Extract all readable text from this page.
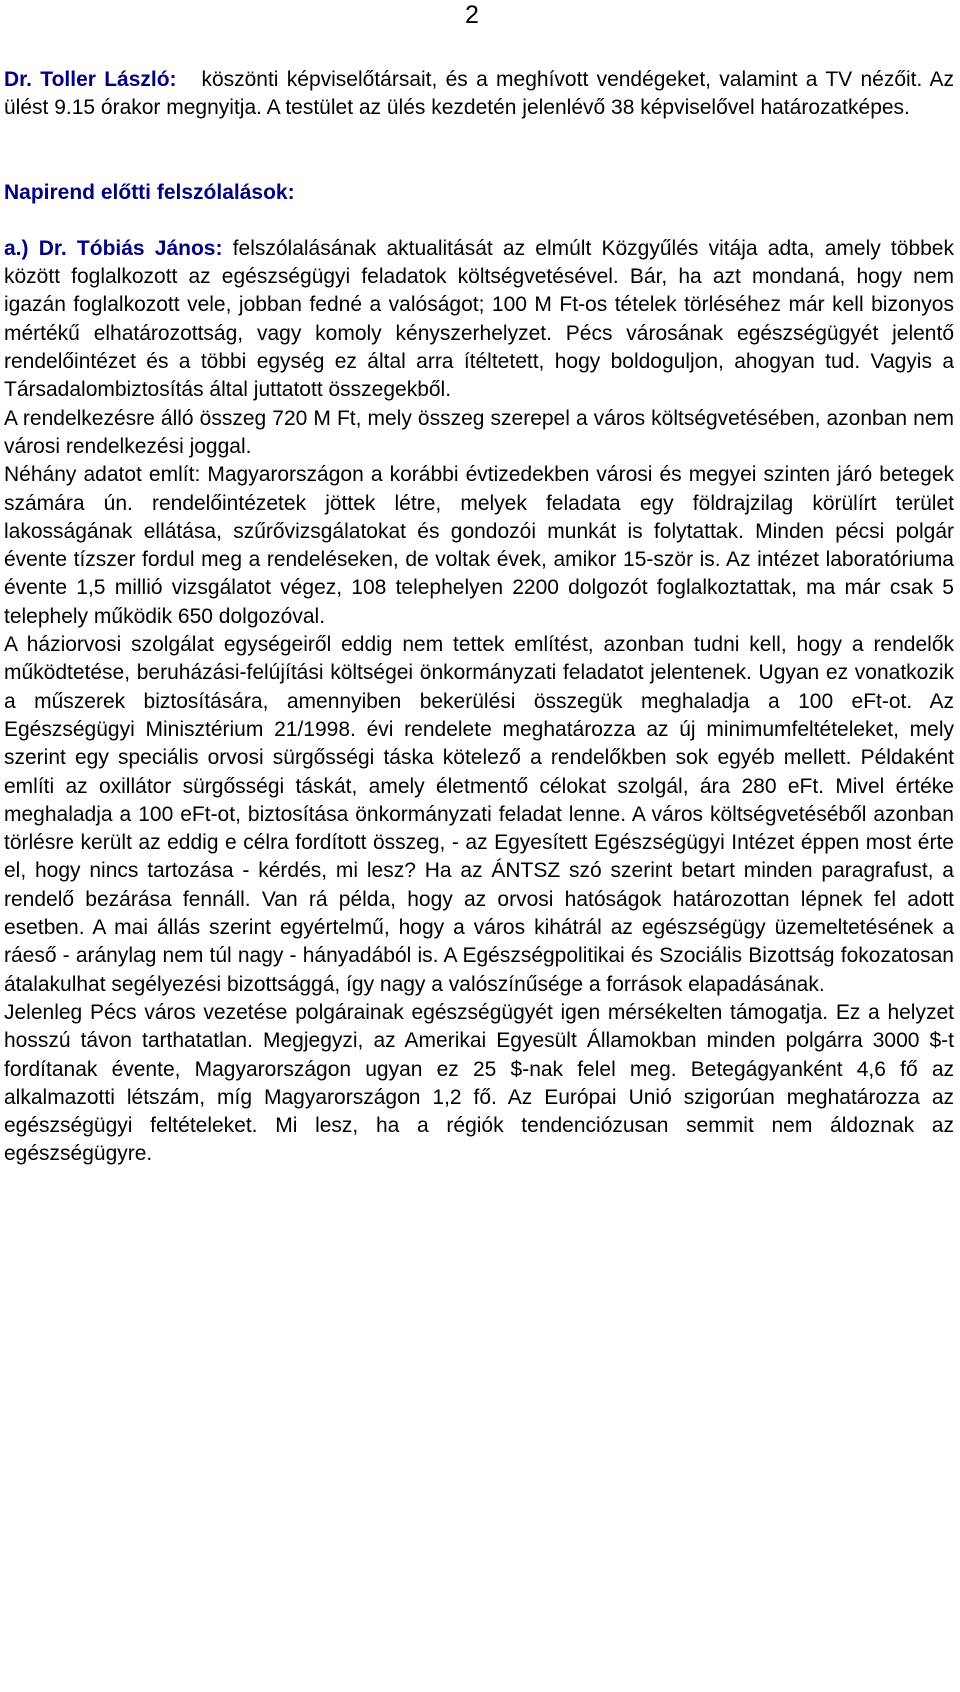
2

Dr. Toller László: köszönti képviselőtársait, és a meghívott vendégeket, valamint a TV nézőit. Az ülést 9.15 órakor megnyitja. A testület az ülés kezdetén jelenlévő 38 képviselővel határozatképes.

Napirend előtti felszólalások:

a.) Dr. Tóbiás János: felszólalásának aktualitását az elmúlt Közgyűlés vitája adta, amely többek között foglalkozott az egészségügyi feladatok költségvetésével. Bár, ha azt mondaná, hogy nem igazán foglalkozott vele, jobban fedné a valóságot; 100 M Ft-os tételek törléséhez már kell bizonyos mértékű elhatározottság, vagy komoly kényszerhelyzet. Pécs városának egészségügyét jelentő rendelőintézet és a többi egység ez által arra ítéltetett, hogy boldoguljon, ahogyan tud. Vagyis a Társadalombiztosítás által juttatott összegekből.

A rendelkezésre álló összeg 720 M Ft, mely összeg szerepel a város költségvetésében, azonban nem városi rendelkezési joggal.

Néhány adatot említ: Magyarországon a korábbi évtizedekben városi és megyei szinten járó betegek számára ún. rendelőintézetek jöttek létre, melyek feladata egy földrajzilag körülírt terület lakosságának ellátása, szűrővizsgálatokat és gondozói munkát is folytattak. Minden pécsi polgár évente tízszer fordul meg a rendeléseken, de voltak évek, amikor 15-ször is. Az intézet laboratóriuma évente 1,5 millió vizsgálatot végez, 108 telephelyen 2200 dolgozót foglalkoztattak, ma már csak 5 telephely működik 650 dolgozóval.

A háziorvosi szolgálat egységeiről eddig nem tettek említést, azonban tudni kell, hogy a rendelők működtetése, beruházási-felújítási költségei önkormányzati feladatot jelentenek. Ugyan ez vonatkozik a műszerek biztosítására, amennyiben bekerülési összegük meghaladja a 100 eFt-ot. Az Egészségügyi Minisztérium 21/1998. évi rendelete meghatározza az új minimumfeltételeket, mely szerint egy speciális orvosi sürgősségi táska kötelező a rendelőkben sok egyéb mellett. Példaként említi az oxillátor sürgősségi táskát, amely életmentő célokat szolgál, ára 280 eFt. Mivel értéke meghaladja a 100 eFt-ot, biztosítása önkormányzati feladat lenne. A város költségvetéséből azonban törlésre került az eddig e célra fordított összeg, - az Egyesített Egészségügyi Intézet éppen most érte el, hogy nincs tartozása - kérdés, mi lesz? Ha az ÁNTSZ szó szerint betart minden paragrafust, a rendelő bezárása fennáll. Van rá példa, hogy az orvosi hatóságok határozottan lépnek fel adott esetben. A mai állás szerint egyértelmű, hogy a város kihátrál az egészségügy üzemeltetésének a ráeső - aránylag nem túl nagy - hányadából is. A Egészségpolitikai és Szociális Bizottság fokozatosan átalakulhat segélyezési bizottsággá, így nagy a valószínűsége a források elapadásának.

Jelenleg Pécs város vezetése polgárainak egészségügyét igen mérsékelten támogatja. Ez a helyzet hosszú távon tarthatatlan. Megjegyzi, az Amerikai Egyesült Államokban minden polgárra 3000 $-t fordítanak évente, Magyarországon ugyan ez 25 $-nak felel meg. Betegágyanként 4,6 fő az alkalmazotti létszám, míg Magyarországon 1,2 fő. Az Európai Unió szigorúan meghatározza az egészségügyi feltételeket. Mi lesz, ha a régiók tendenciózusan semmit nem áldoznak az egészségügyre.
